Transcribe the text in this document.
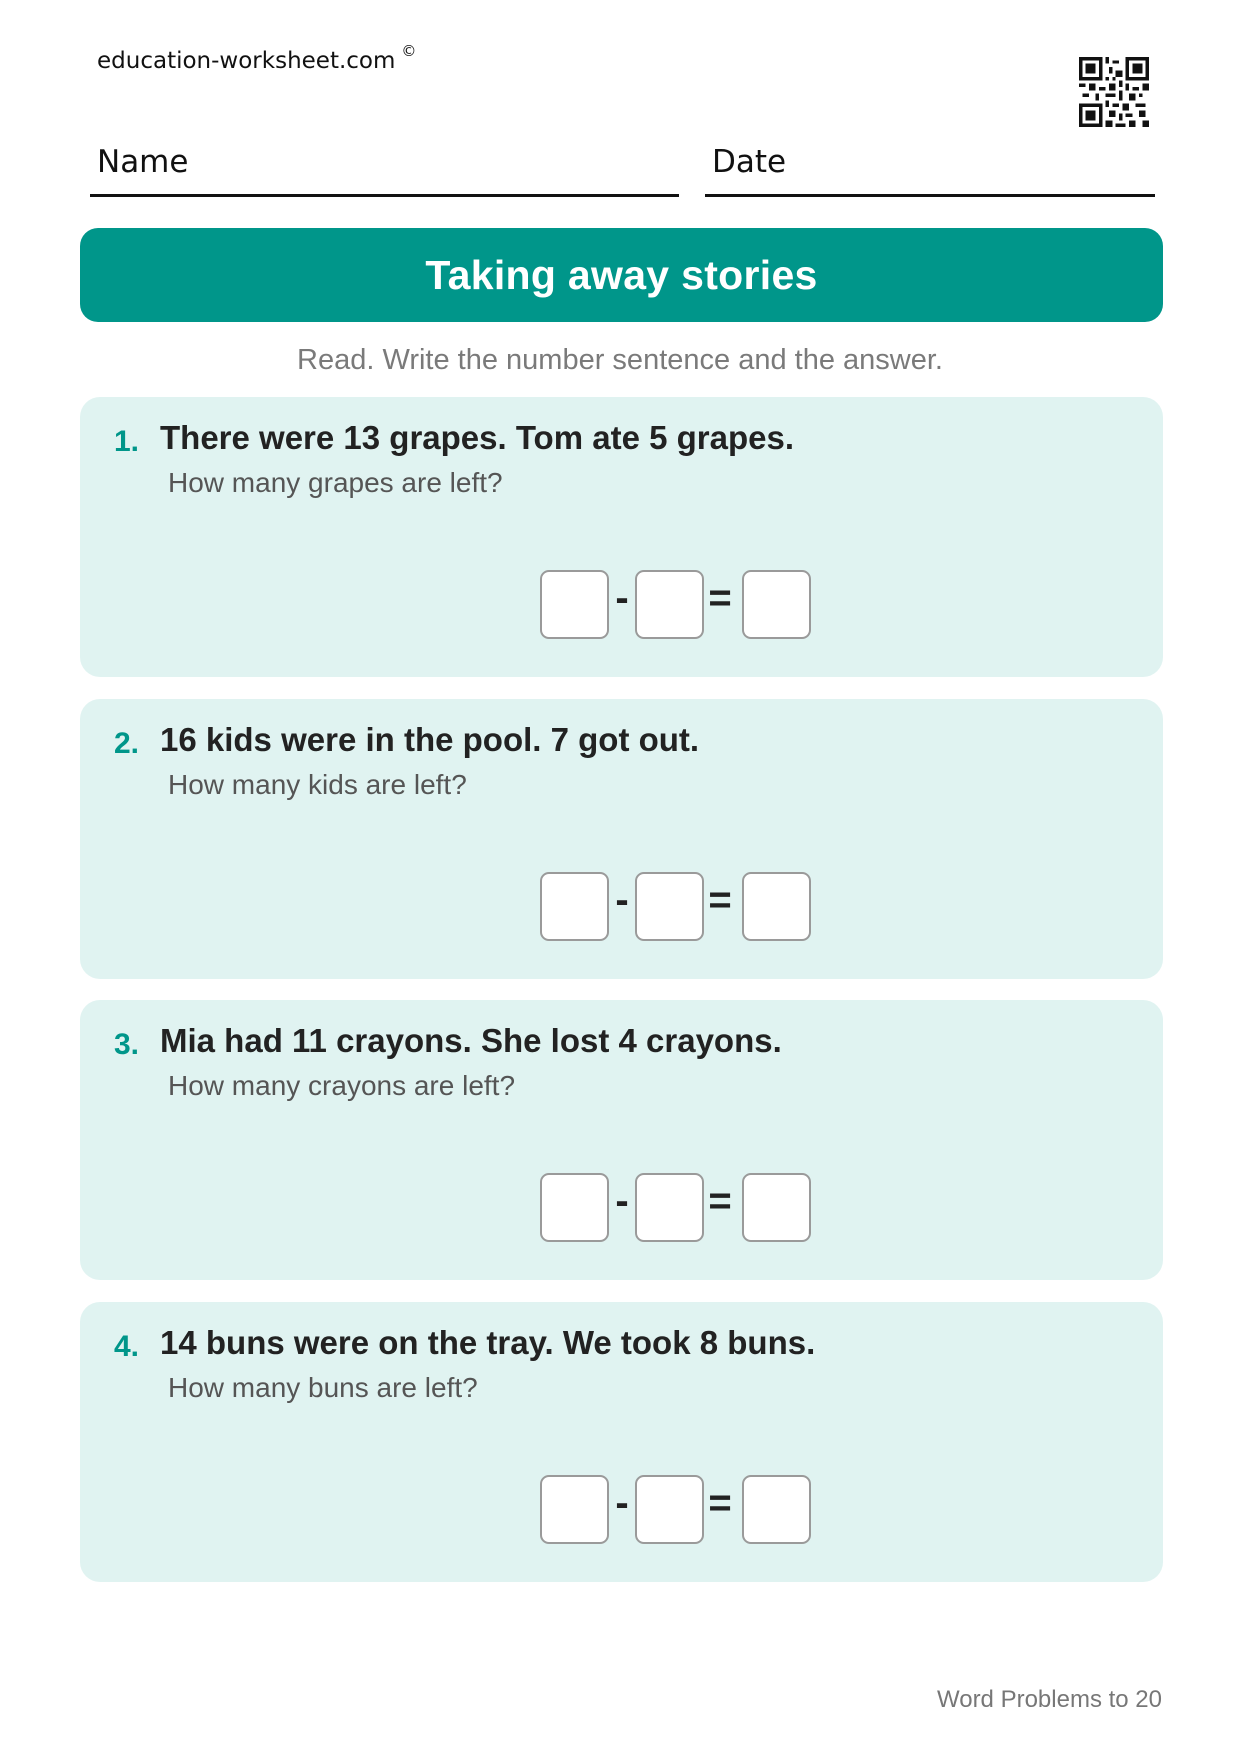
education-worksheet.com ©
Name	Date
Taking away stories
Read. Write the number sentence and the answer.
1. There were 13 grapes. Tom ate 5 grapes.
How many grapes are left?
- =
2. 16 kids were in the pool. 7 got out.
How many kids are left?
- =
3. Mia had 11 crayons. She lost 4 crayons.
How many crayons are left?
- =
4. 14 buns were on the tray. We took 8 buns.
How many buns are left?
- =
Word Problems to 20
